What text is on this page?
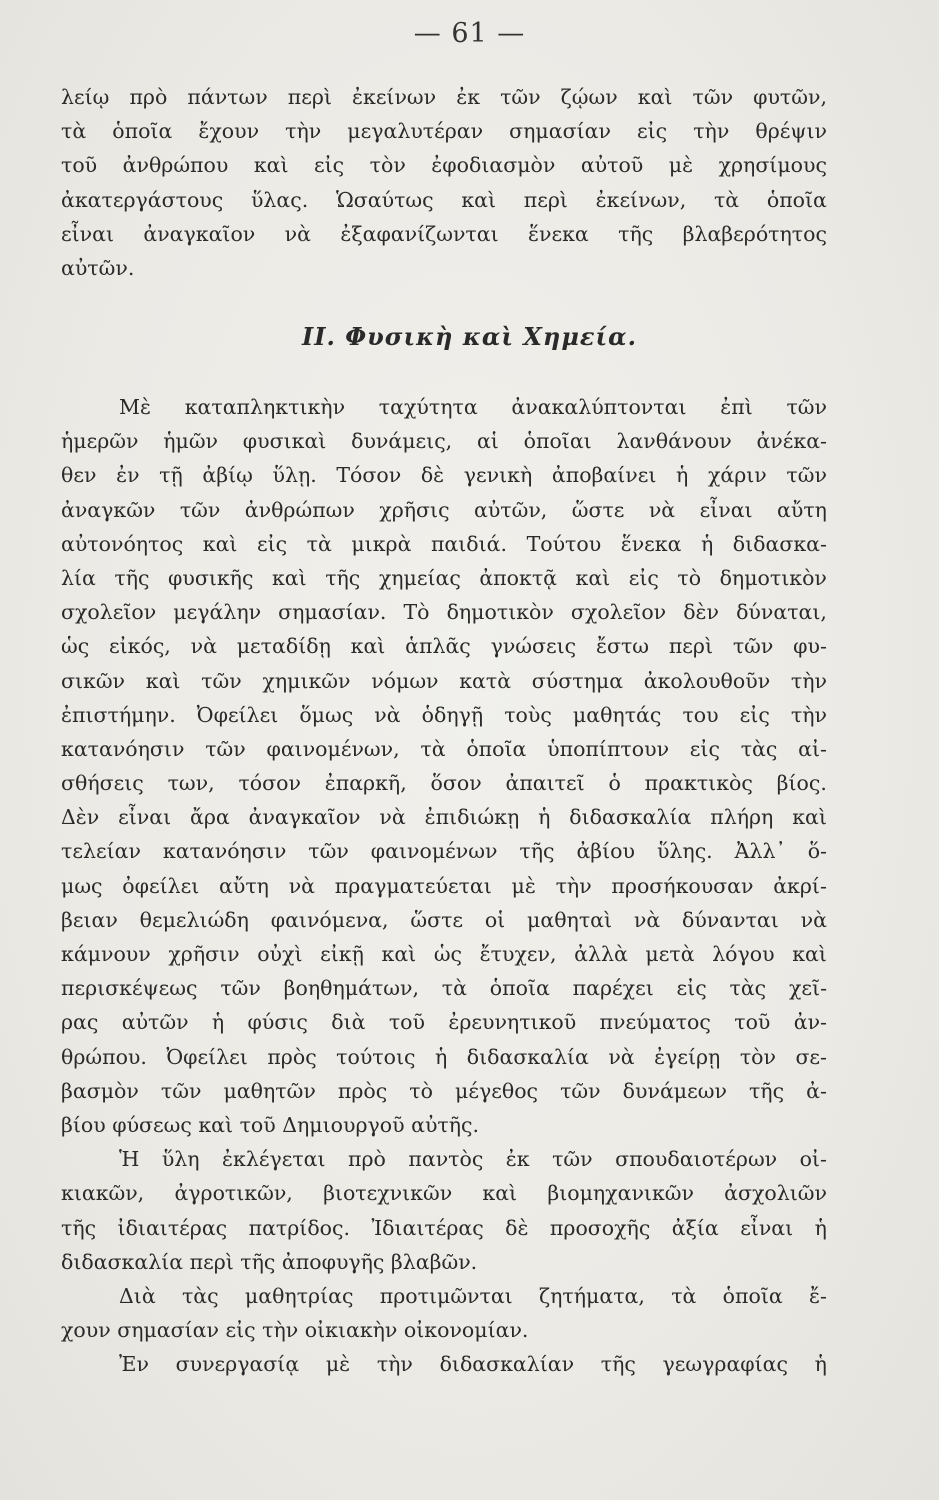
— 61 —
λείῳ πρὸ πάντων περὶ ἐκείνων ἐκ τῶν ζῴων καὶ τῶν φυτῶν,
τὰ ὁποῖα ἔχουν τὴν μεγαλυτέραν σημασίαν εἰς τὴν θρέψιν
τοῦ ἀνθρώπου καὶ εἰς τὸν ἐφοδιασμὸν αὐτοῦ μὲ χρησίμους
ἀκατεργάστους ὕλας. Ὡσαύτως καὶ περὶ ἐκείνων, τὰ ὁποῖα
εἶναι ἀναγκαῖον νὰ ἐξαφανίζωνται ἕνεκα τῆς βλαβερότητος
αὐτῶν.
II. Φυσικὴ καὶ Χημεία.
Μὲ καταπληκτικὴν ταχύτητα ἀνακαλύπτονται ἐπὶ τῶν
ἡμερῶν ἡμῶν φυσικαὶ δυνάμεις, αἱ ὁποῖαι λανθάνουν ἀνέκα-
θεν ἐν τῇ ἀβίῳ ὕλῃ. Τόσον δὲ γενικὴ ἀποβαίνει ἡ χάριν τῶν
ἀναγκῶν τῶν ἀνθρώπων χρῆσις αὐτῶν, ὥστε νὰ εἶναι αὔτη
αὐτονόητος καὶ εἰς τὰ μικρὰ παιδιά. Τούτου ἕνεκα ἡ διδασκα-
λία τῆς φυσικῆς καὶ τῆς χημείας ἀποκτᾷ καὶ εἰς τὸ δημοτικὸν
σχολεῖον μεγάλην σημασίαν. Τὸ δημοτικὸν σχολεῖον δὲν δύναται,
ὡς εἰκός, νὰ μεταδίδῃ καὶ ἁπλᾶς γνώσεις ἔστω περὶ τῶν φυ-
σικῶν καὶ τῶν χημικῶν νόμων κατὰ σύστημα ἀκολουθοῦν τὴν
ἐπιστήμην. Ὀφείλει ὅμως νὰ ὁδηγῇ τοὺς μαθητάς του εἰς τὴν
κατανόησιν τῶν φαινομένων, τὰ ὁποῖα ὑποπίπτουν εἰς τὰς αἰ-
σθήσεις των, τόσον ἐπαρκῆ, ὅσον ἀπαιτεῖ ὁ πρακτικὸς βίος.
Δὲν εἶναι ἄρα ἀναγκαῖον νὰ ἐπιδιώκῃ ἡ διδασκαλία πλήρη καὶ
τελείαν κατανόησιν τῶν φαινομένων τῆς ἀβίου ὕλης. Ἀλλ᾽ ὅ-
μως ὀφείλει αὔτη νὰ πραγματεύεται μὲ τὴν προσήκουσαν ἀκρί-
βειαν θεμελιώδη φαινόμενα, ὥστε οἱ μαθηταὶ νὰ δύνανται νὰ
κάμνουν χρῆσιν οὐχὶ εἰκῇ καὶ ὡς ἔτυχεν, ἀλλὰ μετὰ λόγου καὶ
περισκέψεως τῶν βοηθημάτων, τὰ ὁποῖα παρέχει εἰς τὰς χεῖ-
ρας αὐτῶν ἡ φύσις διὰ τοῦ ἐρευνητικοῦ πνεύματος τοῦ ἀν-
θρώπου. Ὀφείλει πρὸς τούτοις ἡ διδασκαλία νὰ ἐγείρῃ τὸν σε-
βασμὸν τῶν μαθητῶν πρὸς τὸ μέγεθος τῶν δυνάμεων τῆς ἀ-
βίου φύσεως καὶ τοῦ Δημιουργοῦ αὐτῆς.
Ἡ ὕλη ἐκλέγεται πρὸ παντὸς ἐκ τῶν σπουδαιοτέρων οἰ-
κιακῶν, ἀγροτικῶν, βιοτεχνικῶν καὶ βιομηχανικῶν ἀσχολιῶν
τῆς ἰδιαιτέρας πατρίδος. Ἰδιαιτέρας δὲ προσοχῆς ἀξία εἶναι ἡ
διδασκαλία περὶ τῆς ἀποφυγῆς βλαβῶν.
Διὰ τὰς μαθητρίας προτιμῶνται ζητήματα, τὰ ὁποῖα ἔ-
χουν σημασίαν εἰς τὴν οἰκιακὴν οἰκονομίαν.
Ἐν συνεργασίᾳ μὲ τὴν διδασκαλίαν τῆς γεωγραφίας ἡ
